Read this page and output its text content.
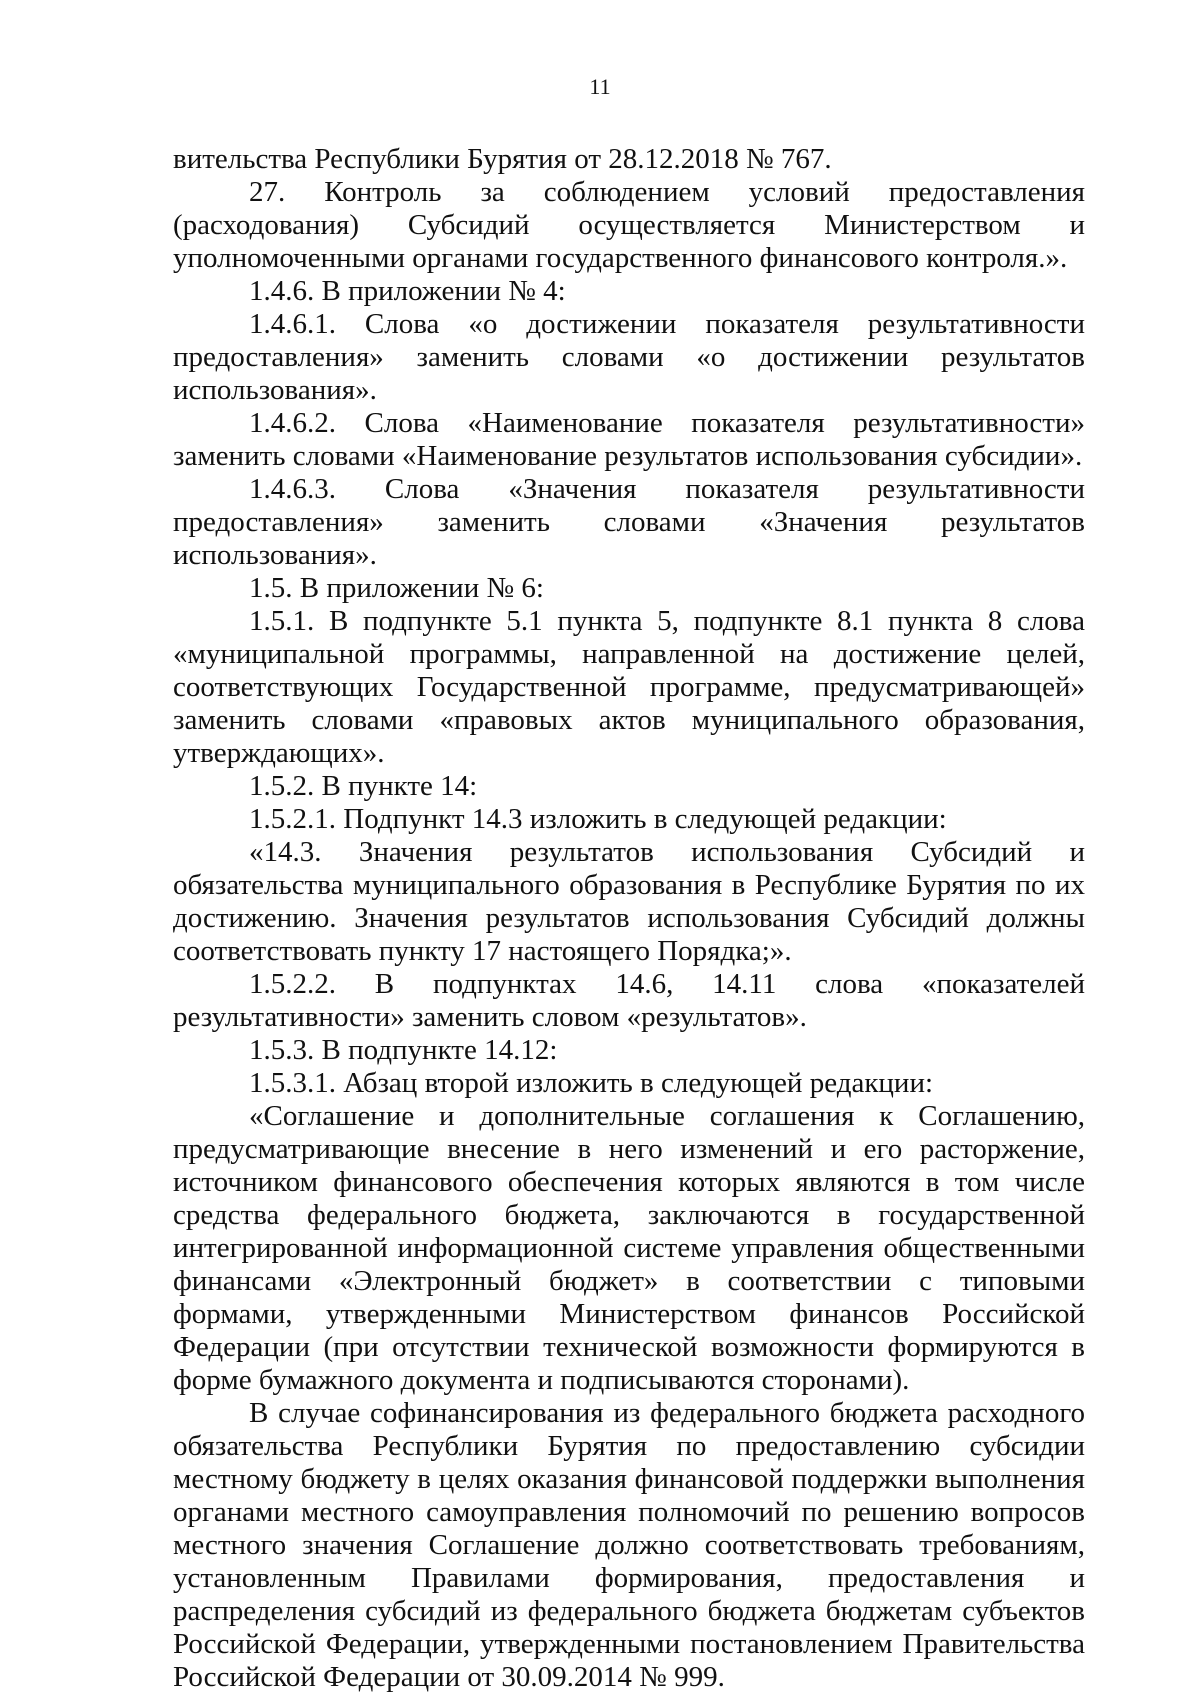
11

вительства Республики Бурятия от 28.12.2018 № 767.

27. Контроль за соблюдением условий предоставления (расходования) Субсидий осуществляется Министерством и уполномоченными органами государственного финансового контроля.».

1.4.6. В приложении № 4:

1.4.6.1. Слова «о достижении показателя результативности предоставления» заменить словами «о достижении результатов использования».

1.4.6.2. Слова «Наименование показателя результативности» заменить словами «Наименование результатов использования субсидии».

1.4.6.3. Слова «Значения показателя результативности предоставления» заменить словами «Значения результатов использования».

1.5. В приложении № 6:

1.5.1. В подпункте 5.1 пункта 5, подпункте 8.1 пункта 8 слова «муниципальной программы, направленной на достижение целей, соответствующих Государственной программе, предусматривающей» заменить словами «правовых актов муниципального образования, утверждающих».

1.5.2. В пункте 14:

1.5.2.1. Подпункт 14.3 изложить в следующей редакции:

«14.3. Значения результатов использования Субсидий и обязательства муниципального образования в Республике Бурятия по их достижению. Значения результатов использования Субсидий должны соответствовать пункту 17 настоящего Порядка;».

1.5.2.2. В подпунктах 14.6, 14.11 слова «показателей результативности» заменить словом «результатов».

1.5.3. В подпункте 14.12:

1.5.3.1. Абзац второй изложить в следующей редакции:

«Соглашение и дополнительные соглашения к Соглашению, предусматривающие внесение в него изменений и его расторжение, источником финансового обеспечения которых являются в том числе средства федерального бюджета, заключаются в государственной интегрированной информационной системе управления общественными финансами «Электронный бюджет» в соответствии с типовыми формами, утвержденными Министерством финансов Российской Федерации (при отсутствии технической возможности формируются в форме бумажного документа и подписываются сторонами).

В случае софинансирования из федерального бюджета расходного обязательства Республики Бурятия по предоставлению субсидии местному бюджету в целях оказания финансовой поддержки выполнения органами местного самоуправления полномочий по решению вопросов местного значения Соглашение должно соответствовать требованиям, установленным Правилами формирования, предоставления и распределения субсидий из федерального бюджета бюджетам субъектов Российской Федерации, утвержденными постановлением Правительства Российской Федерации от 30.09.2014 № 999.
